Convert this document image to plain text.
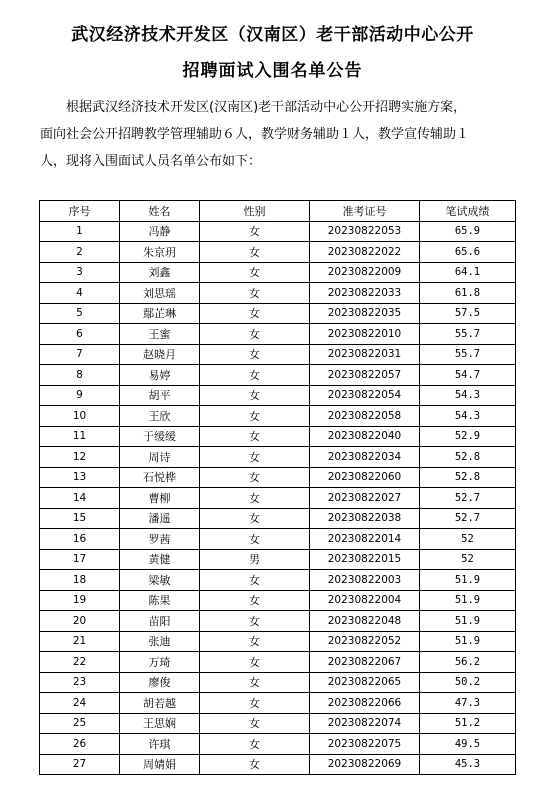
武汉经济技术开发区（汉南区）老干部活动中心公开
招聘面试入围名单公告
根据武汉经济技术开发区(汉南区)老干部活动中心公开招聘实施方案，
面向社会公开招聘教学管理辅助６人，教学财务辅助１人，教学宣传辅助１
人，现将入围面试人员名单公布如下：
序号	姓名	性别	准考证号	笔试成绩
1	冯静	女	20230822053	65.9
2	朱京玥	女	20230822022	65.6
3	刘鑫	女	20230822009	64.1
4	刘思瑶	女	20230822033	61.8
5	鄢芷琳	女	20230822035	57.5
6	王蜜	女	20230822010	55.7
7	赵晓月	女	20230822031	55.7
8	易婷	女	20230822057	54.7
9	胡平	女	20230822054	54.3
10	王欣	女	20230822058	54.3
11	于缓缓	女	20230822040	52.9
12	周诗	女	20230822034	52.8
13	石悦桦	女	20230822060	52.8
14	曹柳	女	20230822027	52.7
15	潘遥	女	20230822038	52.7
16	罗茜	女	20230822014	52
17	黄健	男	20230822015	52
18	梁敏	女	20230822003	51.9
19	陈果	女	20230822004	51.9
20	苗阳	女	20230822048	51.9
21	张迪	女	20230822052	51.9
22	万琦	女	20230822067	56.2
23	廖俊	女	20230822065	50.2
24	胡若越	女	20230822066	47.3
25	王思娴	女	20230822074	51.2
26	许琪	女	20230822075	49.5
27	周婧娟	女	20230822069	45.3
